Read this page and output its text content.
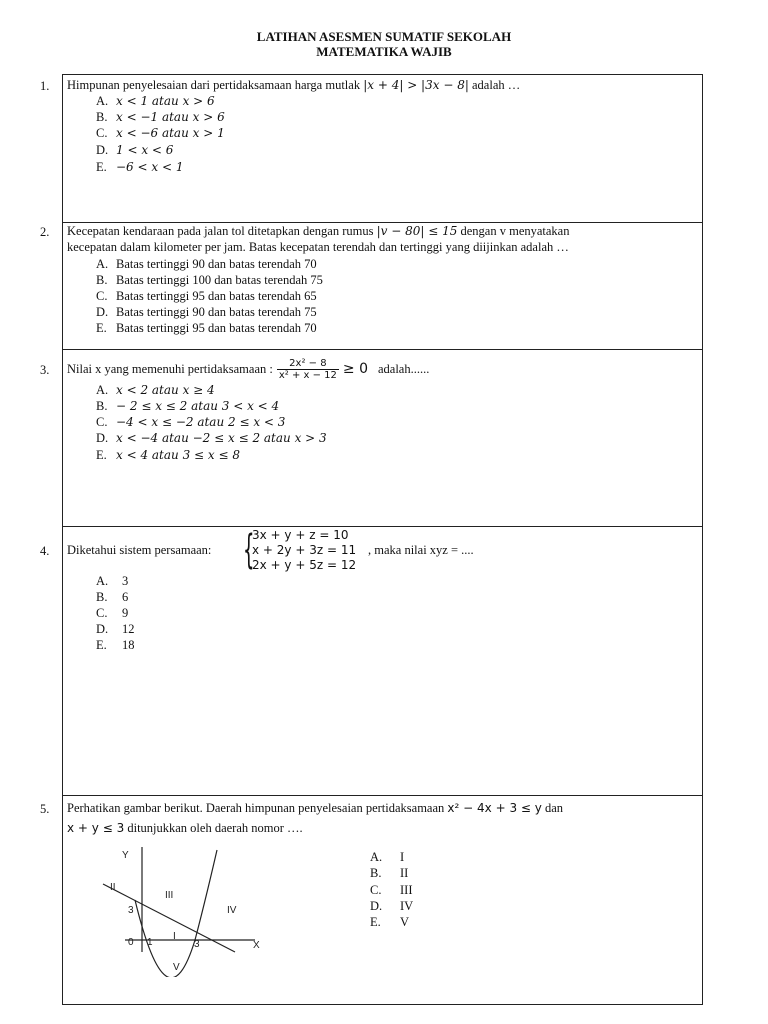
LATIHAN ASESMEN SUMATIF SEKOLAH
MATEMATIKA WAJIB
1. Himpunan penyelesaian dari pertidaksamaan harga mutlak |x + 4| > |3x − 8| adalah …
A. x < 1 atau x > 6
B. x < −1 atau x > 6
C. x < −6 atau x > 1
D. 1 < x < 6
E. −6 < x < 1
2. Kecepatan kendaraan pada jalan tol ditetapkan dengan rumus |v − 80| ≤ 15 dengan v menyatakan
kecepatan dalam kilometer per jam. Batas kecepatan terendah dan tertinggi yang diijinkan adalah …
A. Batas tertinggi 90 dan batas terendah 70
B. Batas tertinggi 100 dan batas terendah 75
C. Batas tertinggi 95 dan batas terendah 65
D. Batas tertinggi 90 dan batas terendah 75
E. Batas tertinggi 95 dan batas terendah 70
3. Nilai x yang memenuhi pertidaksamaan : $\frac{\text{2x² − 8}}{\text{x² + x − 12}} \ge 0$ adalah......
A. x < 2 atau x ≥ 4
B. − 2 ≤ x ≤ 2 atau 3 < x < 4
C. −4 < x ≤ −2 atau 2 ≤ x < 3
D. x < −4 atau −2 ≤ x ≤ 2 atau x > 3
E. x < 4 atau 3 ≤ x ≤ 8
4. Diketahui sistem persamaan: {
3x + y + z = 10
x + 2y + 3z = 11
2x + y + 5z = 12
, maka nilai xyz = ....
A. 3
B. 6
C. 9
D. 12
E. 18
5. Perhatikan gambar berikut. Daerah himpunan penyelesaian pertidaksamaan x² − 4x + 3 ≤ y dan
x + y ≤ 3 ditunjukkan oleh daerah nomor ….
Y
X
0 1	3
3
I
II
III
IV
V
A. I
B. II
C. III
D. IV
E. V
